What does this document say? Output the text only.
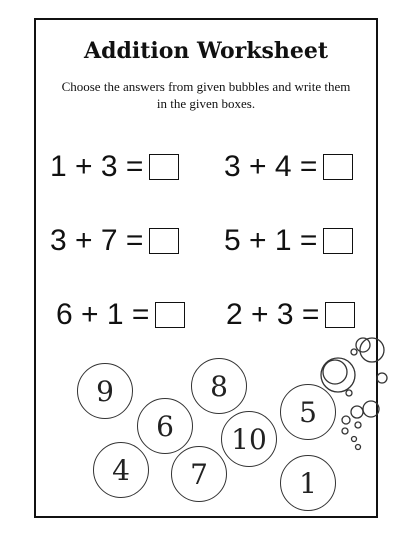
Addition Worksheet
Choose the answers from given bubbles and write them in the given boxes.
1 + 3 =	3 + 4 =
3 + 7 =	5 + 1 =
6 + 1 =	2 + 3 =
9	8
6	5
10
4	7	1
